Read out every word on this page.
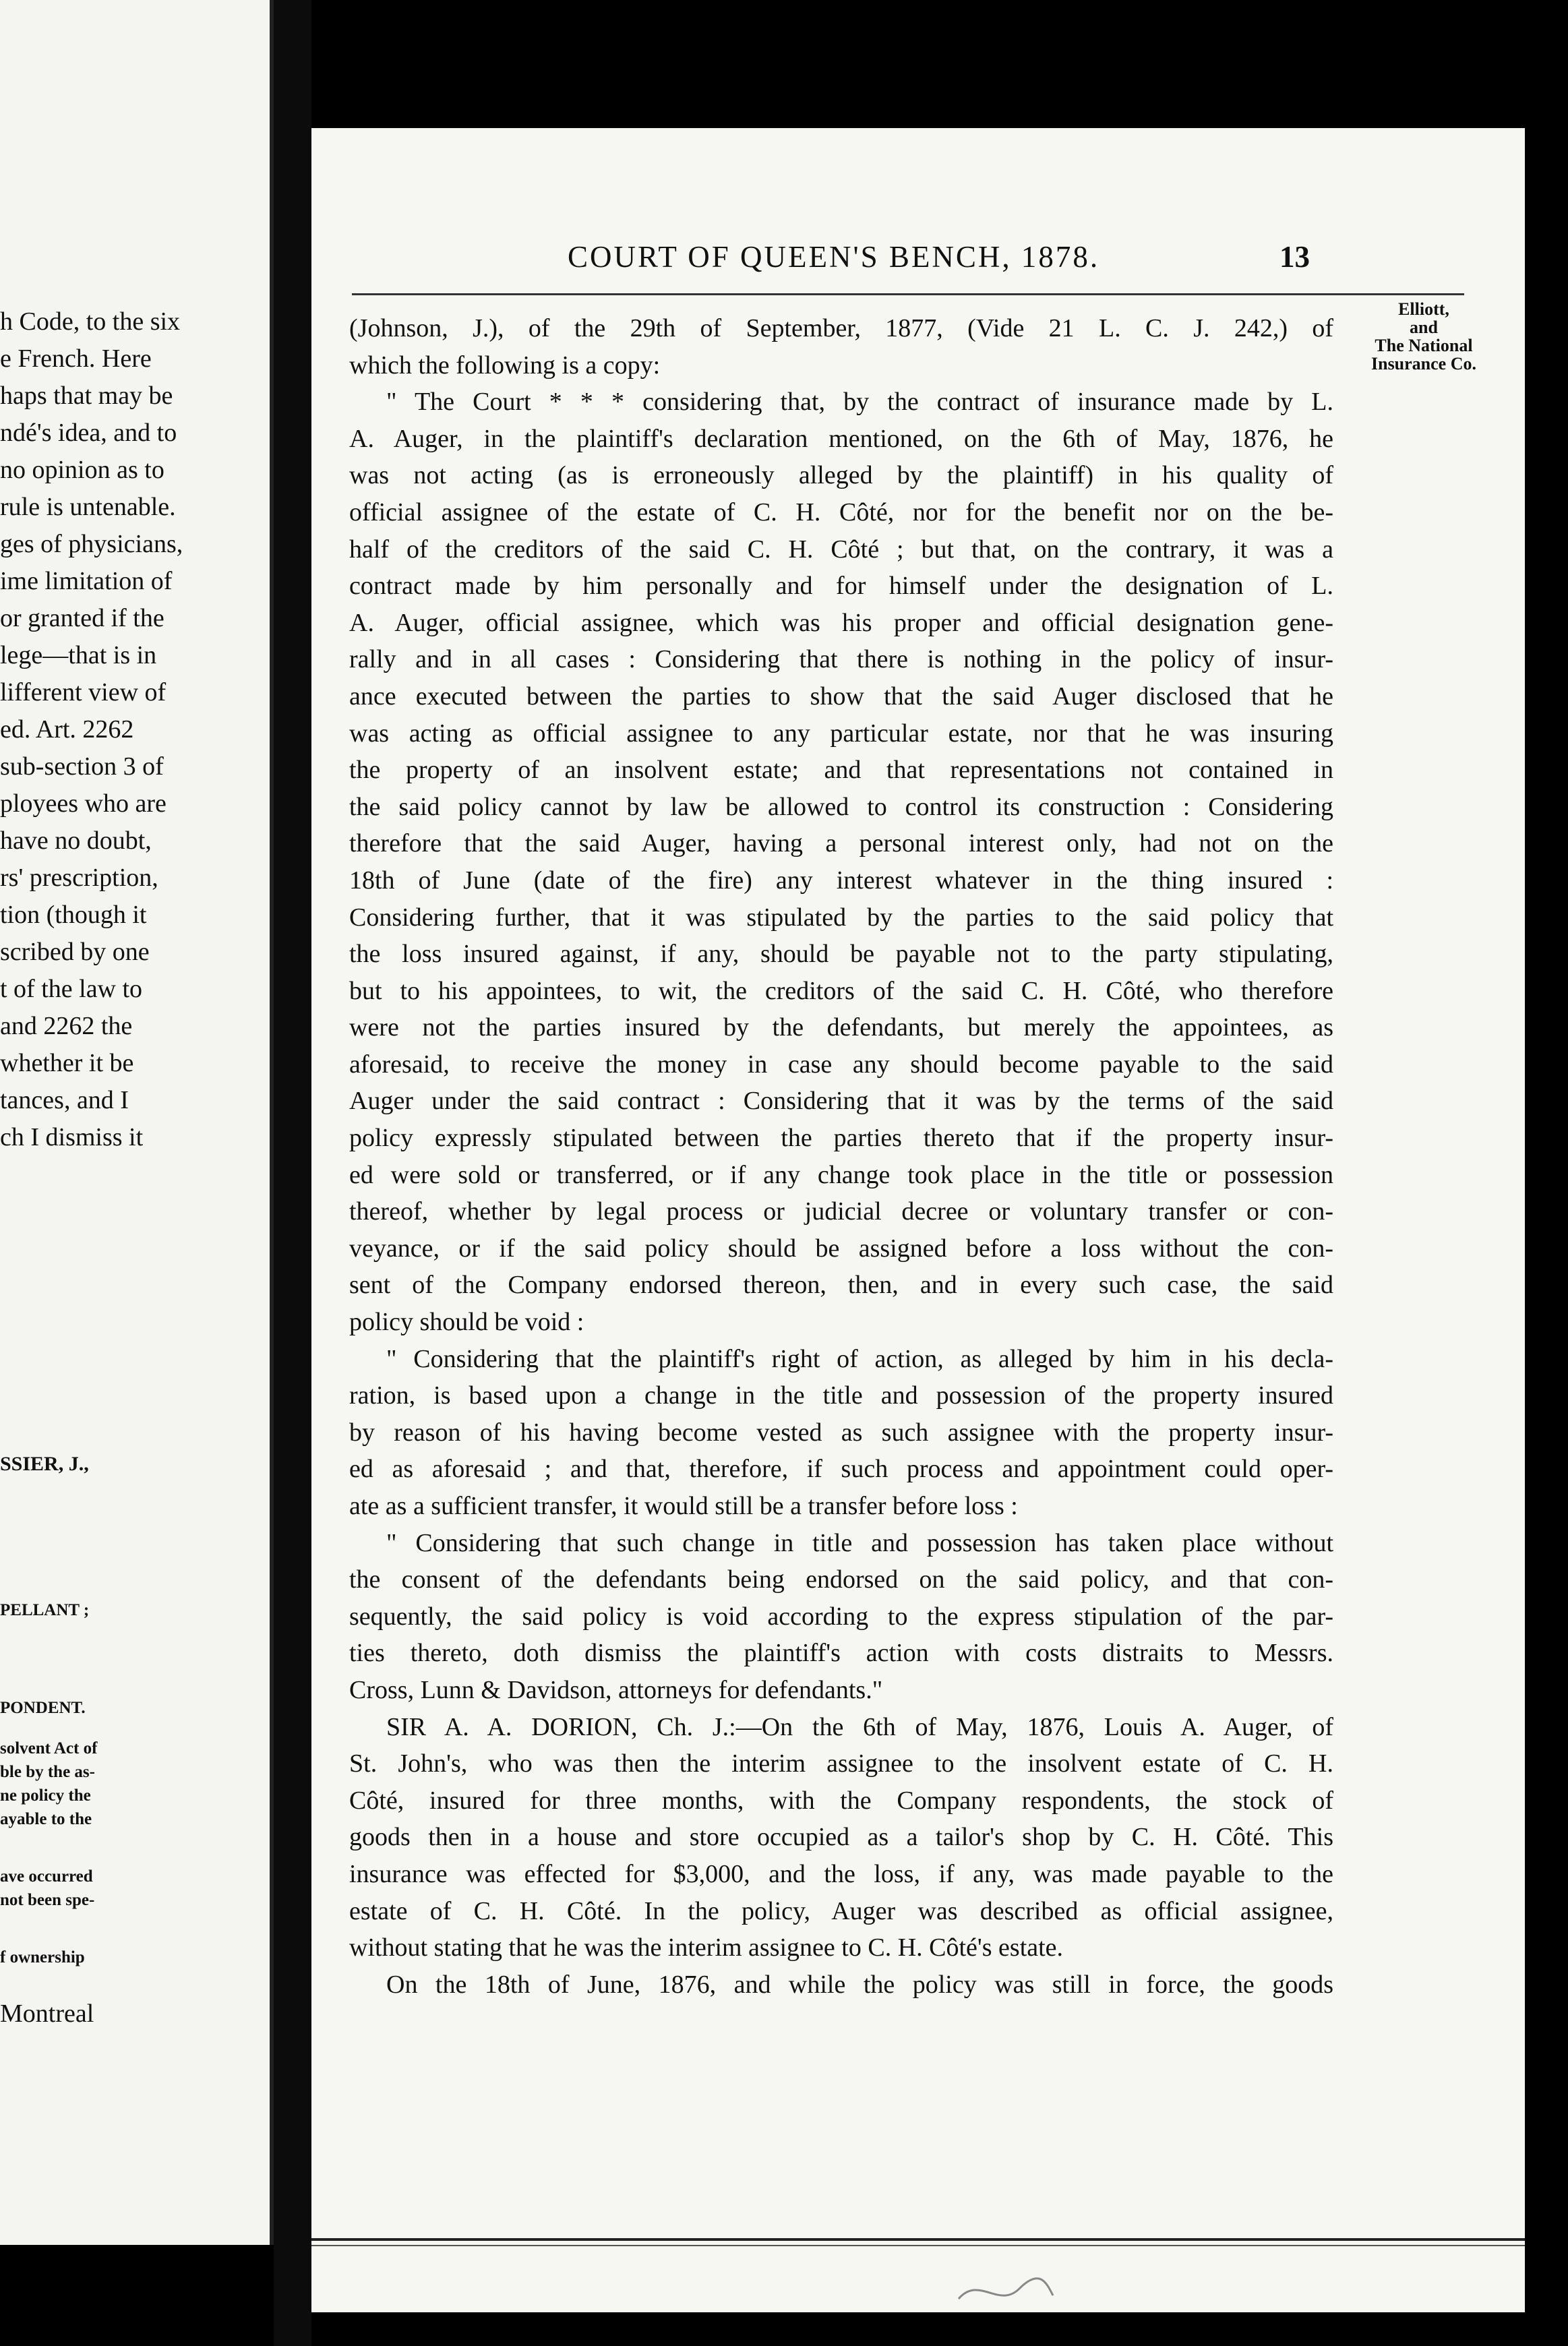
h Code, to the six
e French. Here
haps that may be
ndé's idea, and to
no opinion as to
rule is untenable.
ges of physicians,
ime limitation of
or granted if the
lege—that is in
lifferent view of
ed. Art. 2262
sub-section 3 of
ployees who are
have no doubt,
rs' prescription,
tion (though it
scribed by one
t of the law to
and 2262 the
whether it be
tances, and I
ch I dismiss it
SSIER, J.,
PELLANT ;
PONDENT.
solvent Act of
ble by the as-
ne policy the
ayable to the
ave occurred
not been spe-
f ownership
Montreal
COURT OF QUEEN'S BENCH, 1878.	13
Elliott,
and
The National
Insurance Co.
(Johnson, J.), of the 29th of September, 1877, (Vide 21 L. C. J. 242,) of
which the following is a copy:
" The Court * * * considering that, by the contract of insurance made by L.
A. Auger, in the plaintiff's declaration mentioned, on the 6th of May, 1876, he
was not acting (as is erroneously alleged by the plaintiff) in his quality of
official assignee of the estate of C. H. Côté, nor for the benefit nor on the be-
half of the creditors of the said C. H. Côté ; but that, on the contrary, it was a
contract made by him personally and for himself under the designation of L.
A. Auger, official assignee, which was his proper and official designation gene-
rally and in all cases : Considering that there is nothing in the policy of insur-
ance executed between the parties to show that the said Auger disclosed that he
was acting as official assignee to any particular estate, nor that he was insuring
the property of an insolvent estate; and that representations not contained in
the said policy cannot by law be allowed to control its construction : Considering
therefore that the said Auger, having a personal interest only, had not on the
18th of June (date of the fire) any interest whatever in the thing insured :
Considering further, that it was stipulated by the parties to the said policy that
the loss insured against, if any, should be payable not to the party stipulating,
but to his appointees, to wit, the creditors of the said C. H. Côté, who therefore
were not the parties insured by the defendants, but merely the appointees, as
aforesaid, to receive the money in case any should become payable to the said
Auger under the said contract : Considering that it was by the terms of the said
policy expressly stipulated between the parties thereto that if the property insur-
ed were sold or transferred, or if any change took place in the title or possession
thereof, whether by legal process or judicial decree or voluntary transfer or con-
veyance, or if the said policy should be assigned before a loss without the con-
sent of the Company endorsed thereon, then, and in every such case, the said
policy should be void :
" Considering that the plaintiff's right of action, as alleged by him in his decla-
ration, is based upon a change in the title and possession of the property insured
by reason of his having become vested as such assignee with the property insur-
ed as aforesaid ; and that, therefore, if such process and appointment could oper-
ate as a sufficient transfer, it would still be a transfer before loss :
" Considering that such change in title and possession has taken place without
the consent of the defendants being endorsed on the said policy, and that con-
sequently, the said policy is void according to the express stipulation of the par-
ties thereto, doth dismiss the plaintiff's action with costs distraits to Messrs.
Cross, Lunn & Davidson, attorneys for defendants."
SIR A. A. DORION, Ch. J.:—On the 6th of May, 1876, Louis A. Auger, of
St. John's, who was then the interim assignee to the insolvent estate of C. H.
Côté, insured for three months, with the Company respondents, the stock of
goods then in a house and store occupied as a tailor's shop by C. H. Côté. This
insurance was effected for $3,000, and the loss, if any, was made payable to the
estate of C. H. Côté. In the policy, Auger was described as official assignee,
without stating that he was the interim assignee to C. H. Côté's estate.
On the 18th of June, 1876, and while the policy was still in force, the goods
